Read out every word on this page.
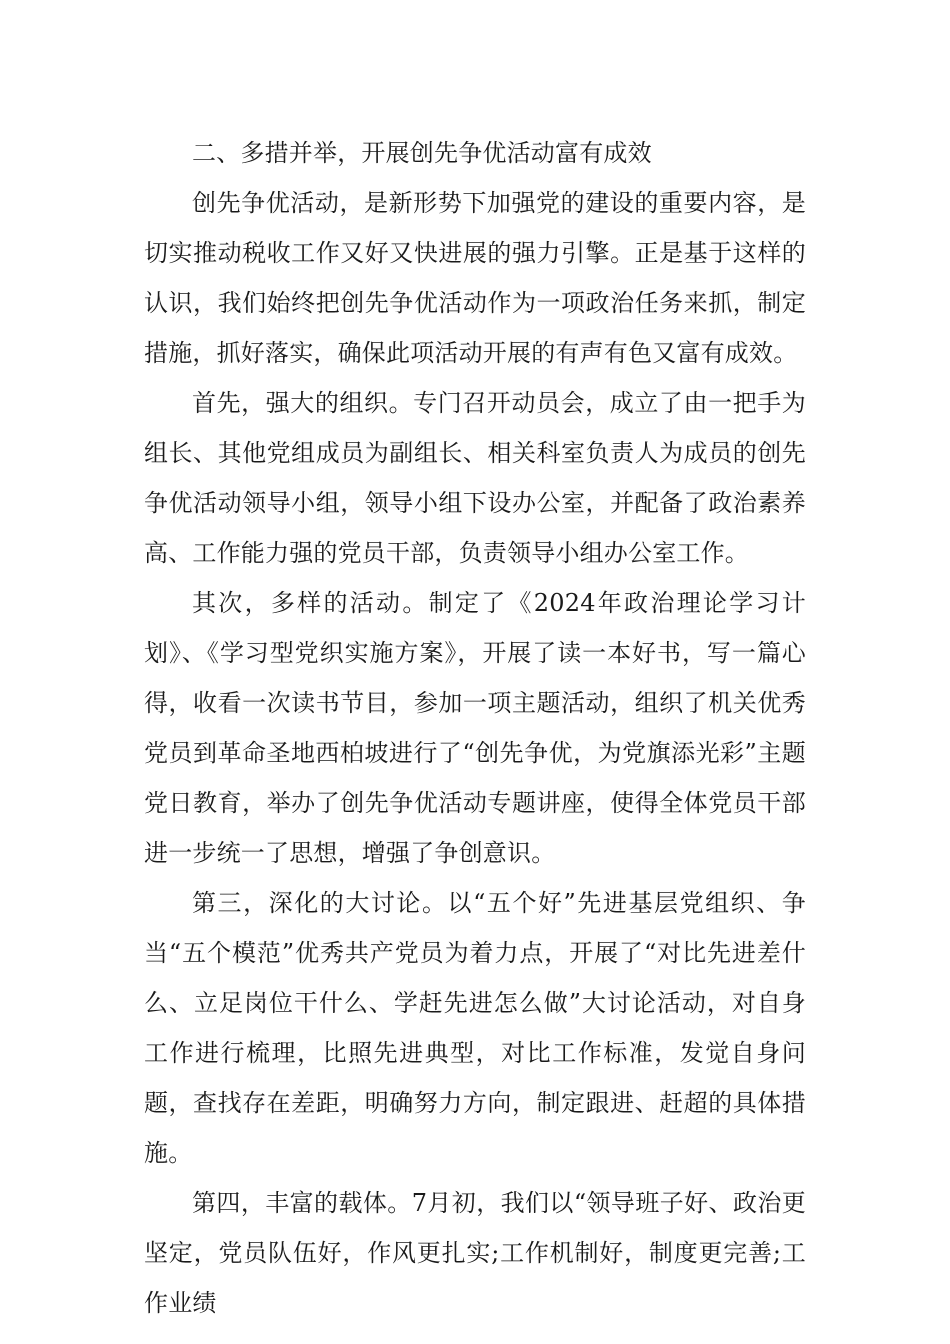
二、多措并举，开展创先争优活动富有成效

创先争优活动，是新形势下加强党的建设的重要内容，是切实推动税收工作又好又快进展的强力引擎。正是基于这样的认识，我们始终把创先争优活动作为一项政治任务来抓，制定措施，抓好落实，确保此项活动开展的有声有色又富有成效。

首先，强大的组织。专门召开动员会，成立了由一把手为组长、其他党组成员为副组长、相关科室负责人为成员的创先争优活动领导小组，领导小组下设办公室，并配备了政治素养高、工作能力强的党员干部，负责领导小组办公室工作。

其次，多样的活动。制定了《2024年政治理论学习计划》、《学习型党织实施方案》，开展了读一本好书，写一篇心得，收看一次读书节目，参加一项主题活动，组织了机关优秀党员到革命圣地西柏坡进行了“创先争优，为党旗添光彩”主题党日教育，举办了创先争优活动专题讲座，使得全体党员干部进一步统一了思想，增强了争创意识。

第三，深化的大讨论。以“五个好”先进基层党组织、争当“五个模范”优秀共产党员为着力点，开展了“对比先进差什么、立足岗位干什么、学赶先进怎么做”大讨论活动，对自身工作进行梳理，比照先进典型，对比工作标准，发觉自身问题，查找存在差距，明确努力方向，制定跟进、赶超的具体措施。

第四，丰富的载体。7月初，我们以“领导班子好、政治更坚定，党员队伍好，作风更扎实;工作机制好，制度更完善;工作业绩
